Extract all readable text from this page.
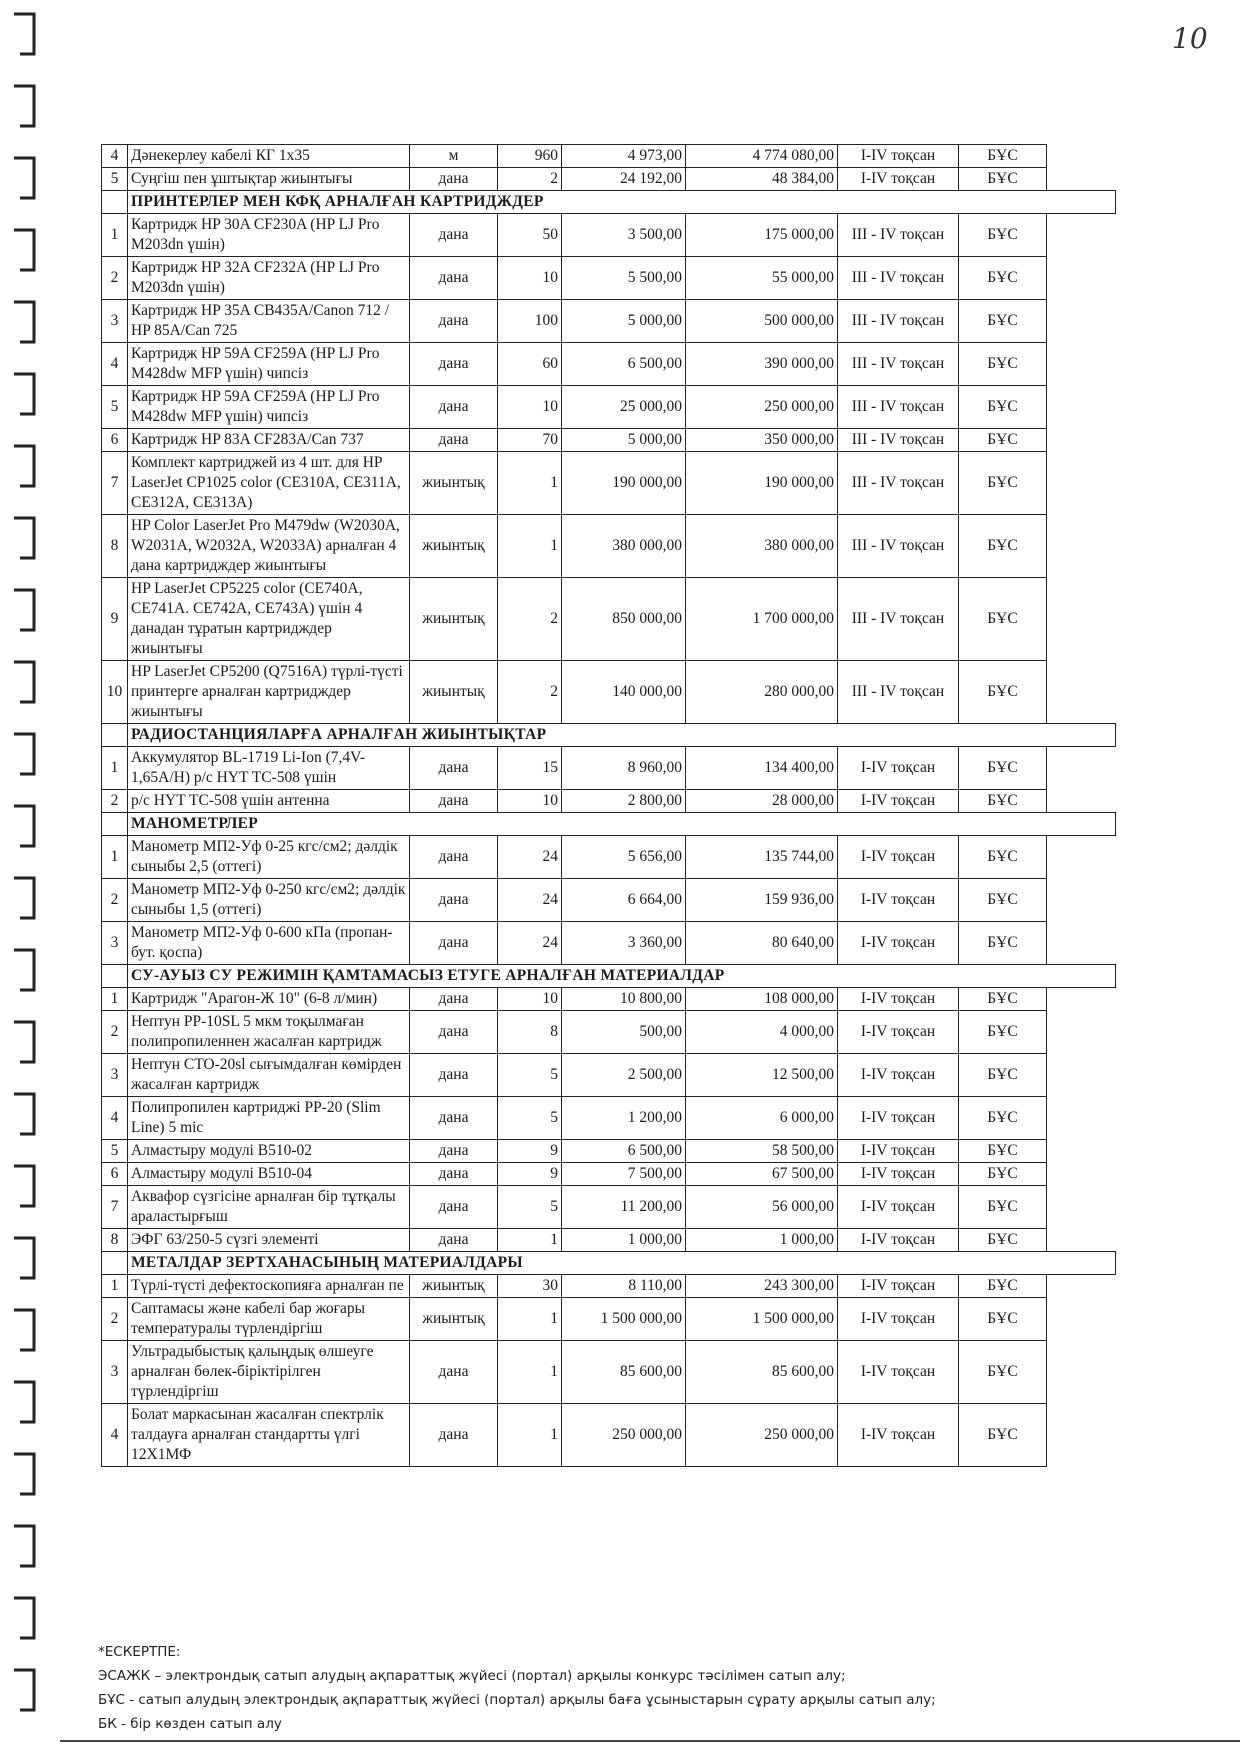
10
4	Дәнекерлеу кабелі КГ 1х35	м	960	4 973,00	4 774 080,00	I-IV тоқсан	БҰС
5	Суңгіш пен ұштықтар жиынтығы	дана	2	24 192,00	48 384,00	I-IV тоқсан	БҰС
	ПРИНТЕРЛЕР МЕН КФҚ АРНАЛҒАН КАРТРИДЖДЕР						
1	Картридж HP 30A CF230A (HP LJ Pro M203dn үшін)	дана	50	3 500,00	175 000,00	III - IV тоқсан	БҰС
2	Картридж HP 32A CF232A (HP LJ Pro M203dn үшін)	дана	10	5 500,00	55 000,00	III - IV тоқсан	БҰС
3	Картридж HP 35A CB435A/Canon 712 / HP 85A/Can 725	дана	100	5 000,00	500 000,00	III - IV тоқсан	БҰС
4	Картридж HP 59A CF259A (HP LJ Pro M428dw MFP үшін) чипсіз	дана	60	6 500,00	390 000,00	III - IV тоқсан	БҰС
5	Картридж HP 59A CF259A (HP LJ Pro M428dw MFP үшін) чипсіз	дана	10	25 000,00	250 000,00	III - IV тоқсан	БҰС
6	Картридж HP 83A CF283A/Can 737	дана	70	5 000,00	350 000,00	III - IV тоқсан	БҰС
7	Комплект картриджей из 4 шт. для HP LaserJet CP1025 color (CE310A, CE311A, CE312A, CE313A)	жиынтық	1	190 000,00	190 000,00	III - IV тоқсан	БҰС
8	HP Color LaserJet Pro M479dw (W2030A, W2031A, W2032A, W2033A) арналған 4 дана картридждер жиынтығы	жиынтық	1	380 000,00	380 000,00	III - IV тоқсан	БҰС
9	HP LaserJet CP5225 color (CE740A, CE741A. CE742A, CE743A) үшін 4 данадан тұратын картридждер жиынтығы	жиынтық	2	850 000,00	1 700 000,00	III - IV тоқсан	БҰС
10	HP LaserJet CP5200 (Q7516A) түрлі-түсті принтерге арналған картридждер жиынтығы	жиынтық	2	140 000,00	280 000,00	III - IV тоқсан	БҰС
	РАДИОСТАНЦИЯЛАРҒА АРНАЛҒАН ЖИЫНТЫҚТАР						
1	Аккумулятор BL-1719 Li-Ion (7,4V-1,65A/H) р/с HYT TC-508 үшін	дана	15	8 960,00	134 400,00	I-IV тоқсан	БҰС
2	р/с HYT TC-508 үшін антенна	дана	10	2 800,00	28 000,00	I-IV тоқсан	БҰС
	МАНОМЕТРЛЕР						
1	Манометр МП2-Уф 0-25 кгс/см2; дәлдік сыныбы 2,5 (оттегі)	дана	24	5 656,00	135 744,00	I-IV тоқсан	БҰС
2	Манометр МП2-Уф 0-250 кгс/см2; дәлдік сыныбы 1,5 (оттегі)	дана	24	6 664,00	159 936,00	I-IV тоқсан	БҰС
3	Манометр МП2-Уф 0-600 кПа (пропан-бут. қоспа)	дана	24	3 360,00	80 640,00	I-IV тоқсан	БҰС
	СУ-АУЫЗ СУ РЕЖИМІН ҚАМТАМАСЫЗ ЕТУГЕ АРНАЛҒАН МАТЕРИАЛДАР						
1	Картридж "Арагон-Ж 10" (6-8 л/мин)	дана	10	10 800,00	108 000,00	I-IV тоқсан	БҰС
2	Нептун PP-10SL 5 мкм тоқылмаған полипропиленнен жасалған картридж	дана	8	500,00	4 000,00	I-IV тоқсан	БҰС
3	Нептун CTO-20sl сығымдалған көмірден жасалған картридж	дана	5	2 500,00	12 500,00	I-IV тоқсан	БҰС
4	Полипропилен картриджі PP-20 (Slim Line) 5 mic	дана	5	1 200,00	6 000,00	I-IV тоқсан	БҰС
5	Алмастыру модулі B510-02	дана	9	6 500,00	58 500,00	I-IV тоқсан	БҰС
6	Алмастыру модулі B510-04	дана	9	7 500,00	67 500,00	I-IV тоқсан	БҰС
7	Аквафор сүзгісіне арналған бір тұтқалы араластырғыш	дана	5	11 200,00	56 000,00	I-IV тоқсан	БҰС
8	ЭФГ 63/250-5 сүзгі элементі	дана	1	1 000,00	1 000,00	I-IV тоқсан	БҰС
	МЕТАЛДАР ЗЕРТХАНАСЫНЫҢ МАТЕРИАЛДАРЫ						
1	Түрлі-түсті дефектоскопияға арналған пе	жиынтық	30	8 110,00	243 300,00	I-IV тоқсан	БҰС
2	Саптамасы және кабелі бар жоғары температуралы түрлендіргіш	жиынтық	1	1 500 000,00	1 500 000,00	I-IV тоқсан	БҰС
3	Ультрадыбыстық қалыңдық өлшеуге арналған бөлек-біріктірілген түрлендіргіш	дана	1	85 600,00	85 600,00	I-IV тоқсан	БҰС
4	Болат маркасынан жасалған спектрлік талдауға арналған стандартты үлгі 12Х1МФ	дана	1	250 000,00	250 000,00	I-IV тоқсан	БҰС
*ЕСКЕРТПЕ:
ЭСАЖК – электрондық сатып алудың ақпараттық жүйесі (портал) арқылы конкурс тәсілімен сатып алу;
БҰС - сатып алудың электрондық ақпараттық жүйесі (портал) арқылы баға ұсыныстарын сұрату арқылы сатып алу;
БК - бір көзден сатып алу
